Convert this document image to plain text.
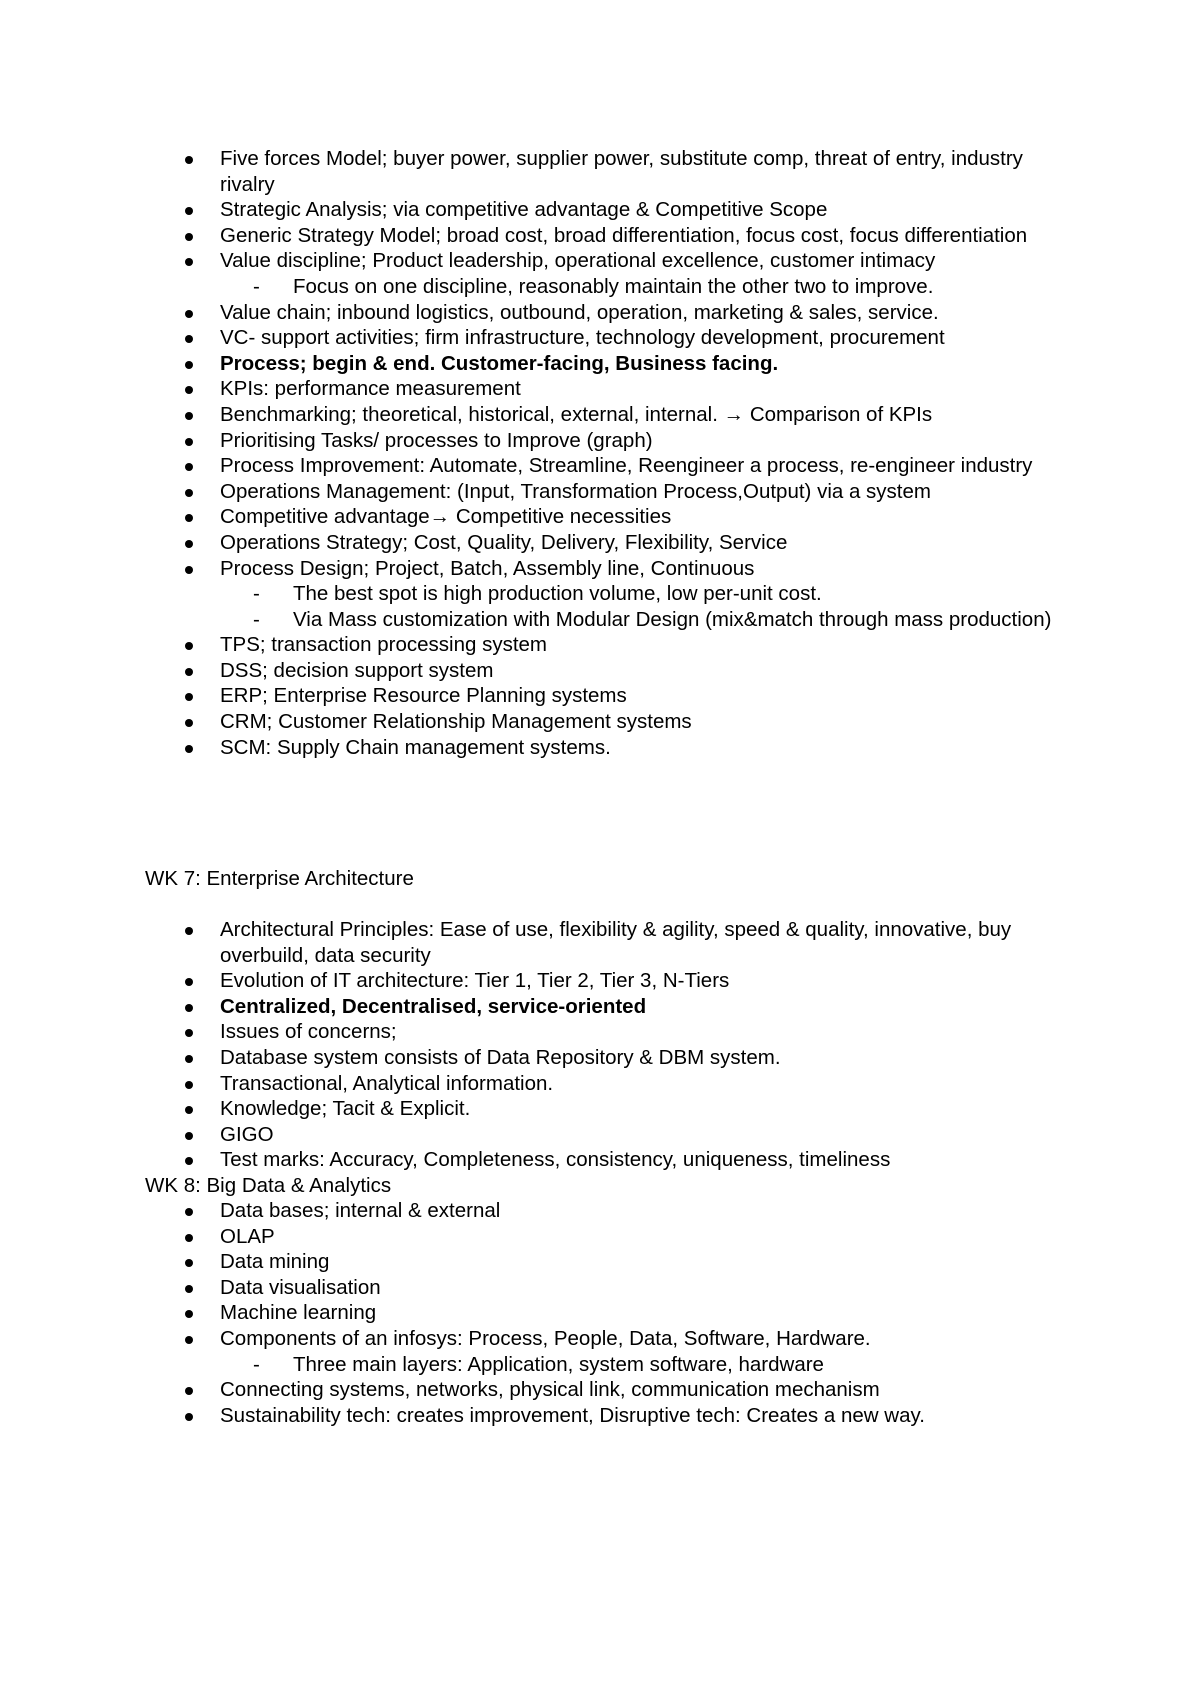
Five forces Model; buyer power, supplier power, substitute comp, threat of entry, industry rivalry
Strategic Analysis; via competitive advantage & Competitive Scope
Generic Strategy Model; broad cost, broad differentiation, focus cost, focus differentiation
Value discipline; Product leadership, operational excellence, customer intimacy
- Focus on one discipline, reasonably maintain the other two to improve.
Value chain; inbound logistics, outbound, operation, marketing & sales, service.
VC- support activities; firm infrastructure, technology development, procurement
Process; begin & end. Customer-facing, Business facing.
KPIs: performance measurement
Benchmarking; theoretical, historical, external, internal. → Comparison of KPIs
Prioritising Tasks/ processes to Improve (graph)
Process Improvement: Automate, Streamline, Reengineer a process, re-engineer industry
Operations Management: (Input, Transformation Process,Output) via a system
Competitive advantage→ Competitive necessities
Operations Strategy; Cost, Quality, Delivery, Flexibility, Service
Process Design; Project, Batch, Assembly line, Continuous
- The best spot is high production volume, low per-unit cost.
- Via Mass customization with Modular Design (mix&match through mass production)
TPS; transaction processing system
DSS; decision support system
ERP; Enterprise Resource Planning systems
CRM; Customer Relationship Management systems
SCM: Supply Chain management systems.
WK 7: Enterprise Architecture
Architectural Principles: Ease of use, flexibility & agility, speed & quality, innovative, buy overbuild, data security
Evolution of IT architecture: Tier 1, Tier 2, Tier 3, N-Tiers
Centralized, Decentralised, service-oriented
Issues of concerns;
Database system consists of Data Repository & DBM system.
Transactional, Analytical information.
Knowledge; Tacit & Explicit.
GIGO
Test marks: Accuracy, Completeness, consistency, uniqueness, timeliness
WK 8: Big Data & Analytics
Data bases; internal & external
OLAP
Data mining
Data visualisation
Machine learning
Components of an infosys: Process, People, Data, Software, Hardware.
- Three main layers: Application, system software, hardware
Connecting systems, networks, physical link, communication mechanism
Sustainability tech: creates improvement, Disruptive tech: Creates a new way.
